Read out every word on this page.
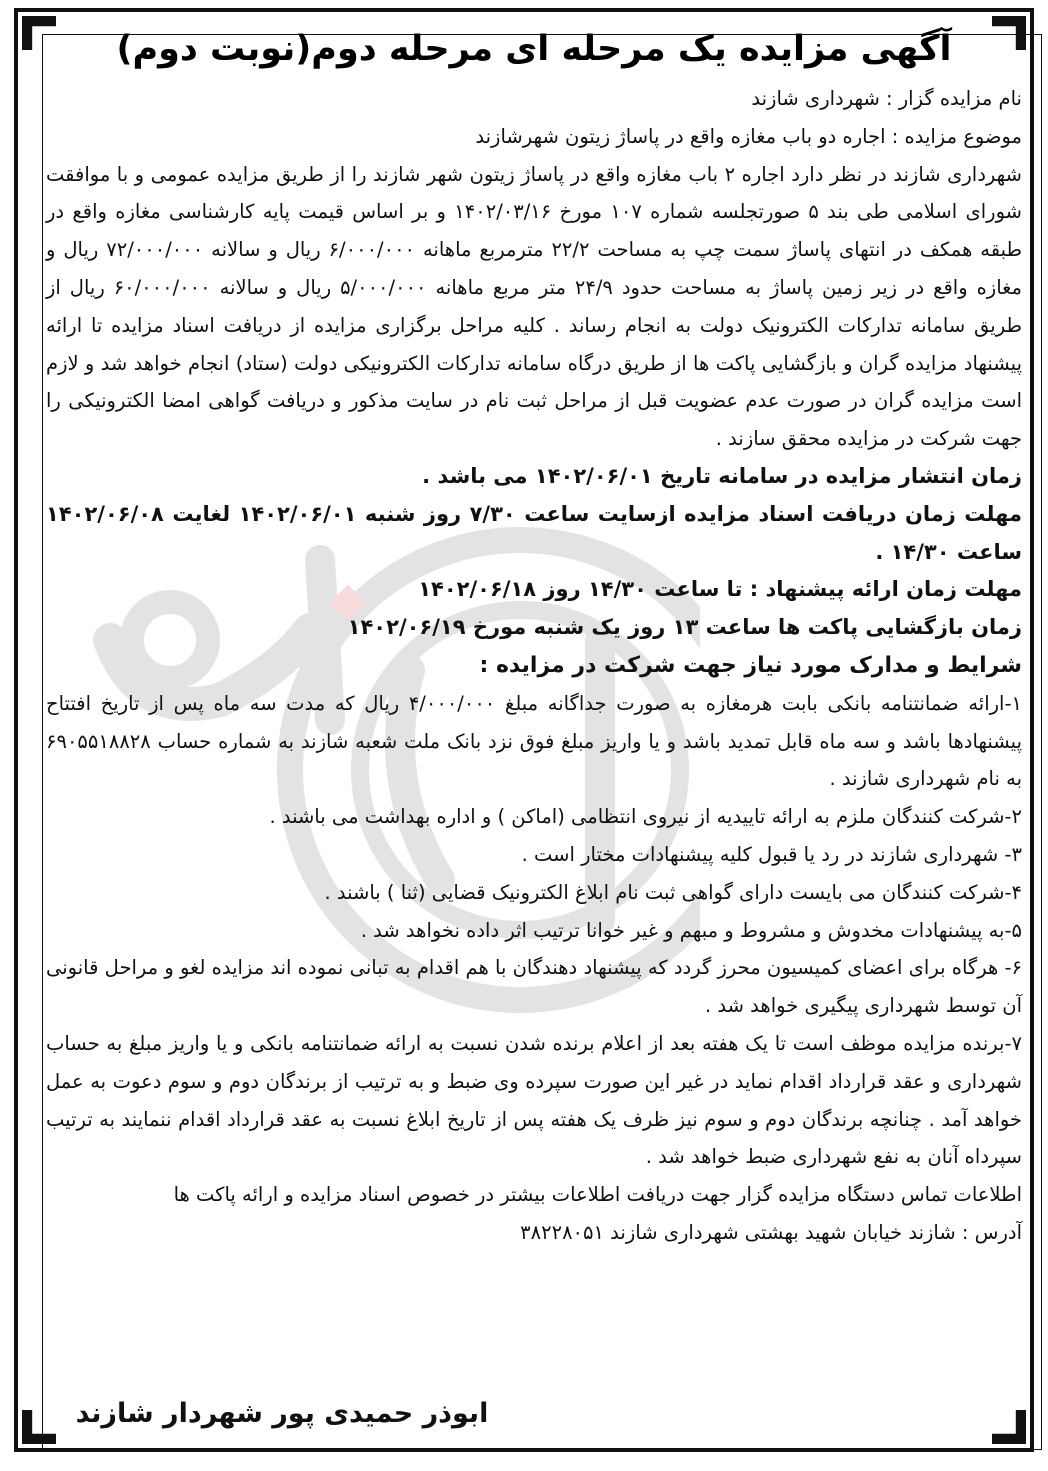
آگهی مزایده یک مرحله ای مرحله دوم(نوبت دوم)
نام مزایده گزار : شهرداری شازند
موضوع مزایده : اجاره دو باب مغازه واقع در پاساژ زیتون شهرشازند
شهرداری شازند در نظر دارد اجاره ۲ باب مغازه واقع در پاساژ زیتون شهر شازند را از طریق مزایده عمومی و با موافقت شورای اسلامی طی بند ۵ صورتجلسه شماره ۱۰۷ مورخ ۱۴۰۲/۰۳/۱۶ و بر اساس قیمت پایه کارشناسی مغازه واقع در طبقه همکف در انتهای پاساژ سمت چپ به مساحت ۲۲/۲ مترمربع ماهانه ۶/۰۰۰/۰۰۰ ریال و سالانه ۷۲/۰۰۰/۰۰۰ ریال و مغازه واقع در زیر زمین پاساژ به مساحت حدود ۲۴/۹ متر مربع ماهانه ۵/۰۰۰/۰۰۰ ریال و سالانه ۶۰/۰۰۰/۰۰۰ ریال از طریق سامانه تدارکات الکترونیک دولت به انجام رساند . کلیه مراحل برگزاری مزایده از دریافت اسناد مزایده تا ارائه پیشنهاد مزایده گران و بازگشایی پاکت ها از طریق درگاه سامانه تدارکات الکترونیکی دولت (ستاد) انجام خواهد شد و لازم است مزایده گران در صورت عدم عضویت قبل از مراحل ثبت نام در سایت مذکور و دریافت گواهی امضا الکترونیکی را جهت شرکت در مزایده محقق سازند .
زمان انتشار مزایده در سامانه تاریخ ۱۴۰۲/۰۶/۰۱ می باشد .
مهلت زمان دریافت اسناد مزایده ازسایت ساعت ۷/۳۰ روز شنبه ۱۴۰۲/۰۶/۰۱ لغایت ۱۴۰۲/۰۶/۰۸ ساعت ۱۴/۳۰ .
مهلت زمان ارائه پیشنهاد : تا ساعت ۱۴/۳۰ روز ۱۴۰۲/۰۶/۱۸
زمان بازگشایی پاکت ها ساعت ۱۳ روز یک شنبه مورخ ۱۴۰۲/۰۶/۱۹
شرایط و مدارک مورد نیاز جهت شرکت در مزایده :
۱-ارائه ضمانتنامه بانکی بابت هرمغازه به صورت جداگانه مبلغ ۴/۰۰۰/۰۰۰ ریال که مدت سه ماه پس از تاریخ افتتاح پیشنهادها باشد و سه ماه قابل تمدید باشد و یا واریز مبلغ فوق نزد بانک ملت شعبه شازند به شماره حساب ۶۹۰۵۵۱۸۸۲۸ به نام شهرداری شازند .
۲-شرکت کنندگان ملزم به ارائه تاییدیه از نیروی انتظامی (اماکن ) و اداره بهداشت می باشند .
۳- شهرداری شازند در رد یا قبول کلیه پیشنهادات مختار است .
۴-شرکت کنندگان می بایست دارای گواهی ثبت نام ابلاغ الکترونیک قضایی (ثنا ) باشند .
۵-به پیشنهادات مخدوش و مشروط و مبهم و غیر خوانا ترتیب اثر داده نخواهد شد .
۶- هرگاه برای اعضای کمیسیون محرز گردد که پیشنهاد دهندگان با هم اقدام به تبانی نموده اند مزایده لغو و مراحل قانونی آن توسط شهرداری پیگیری خواهد شد .
۷-برنده مزایده موظف است تا یک هفته بعد از اعلام برنده شدن نسبت به ارائه ضمانتنامه بانکی و یا واریز مبلغ به حساب شهرداری و عقد قرارداد اقدام نماید در غیر این صورت سپرده وی ضبط و به ترتیب از برندگان دوم و سوم دعوت به عمل خواهد آمد . چنانچه برندگان دوم و سوم نیز ظرف یک هفته پس از تاریخ ابلاغ نسبت به عقد قرارداد اقدام ننمایند به ترتیب سپرداه آنان به نفع شهرداری ضبط خواهد شد .
اطلاعات تماس دستگاه مزایده گزار جهت دریافت اطلاعات بیشتر در خصوص اسناد مزایده و ارائه پاکت ها
آدرس : شازند خیابان شهید بهشتی شهرداری شازند ۳۸۲۲۸۰۵۱
ابوذر حمیدی پور شهردار شازند
